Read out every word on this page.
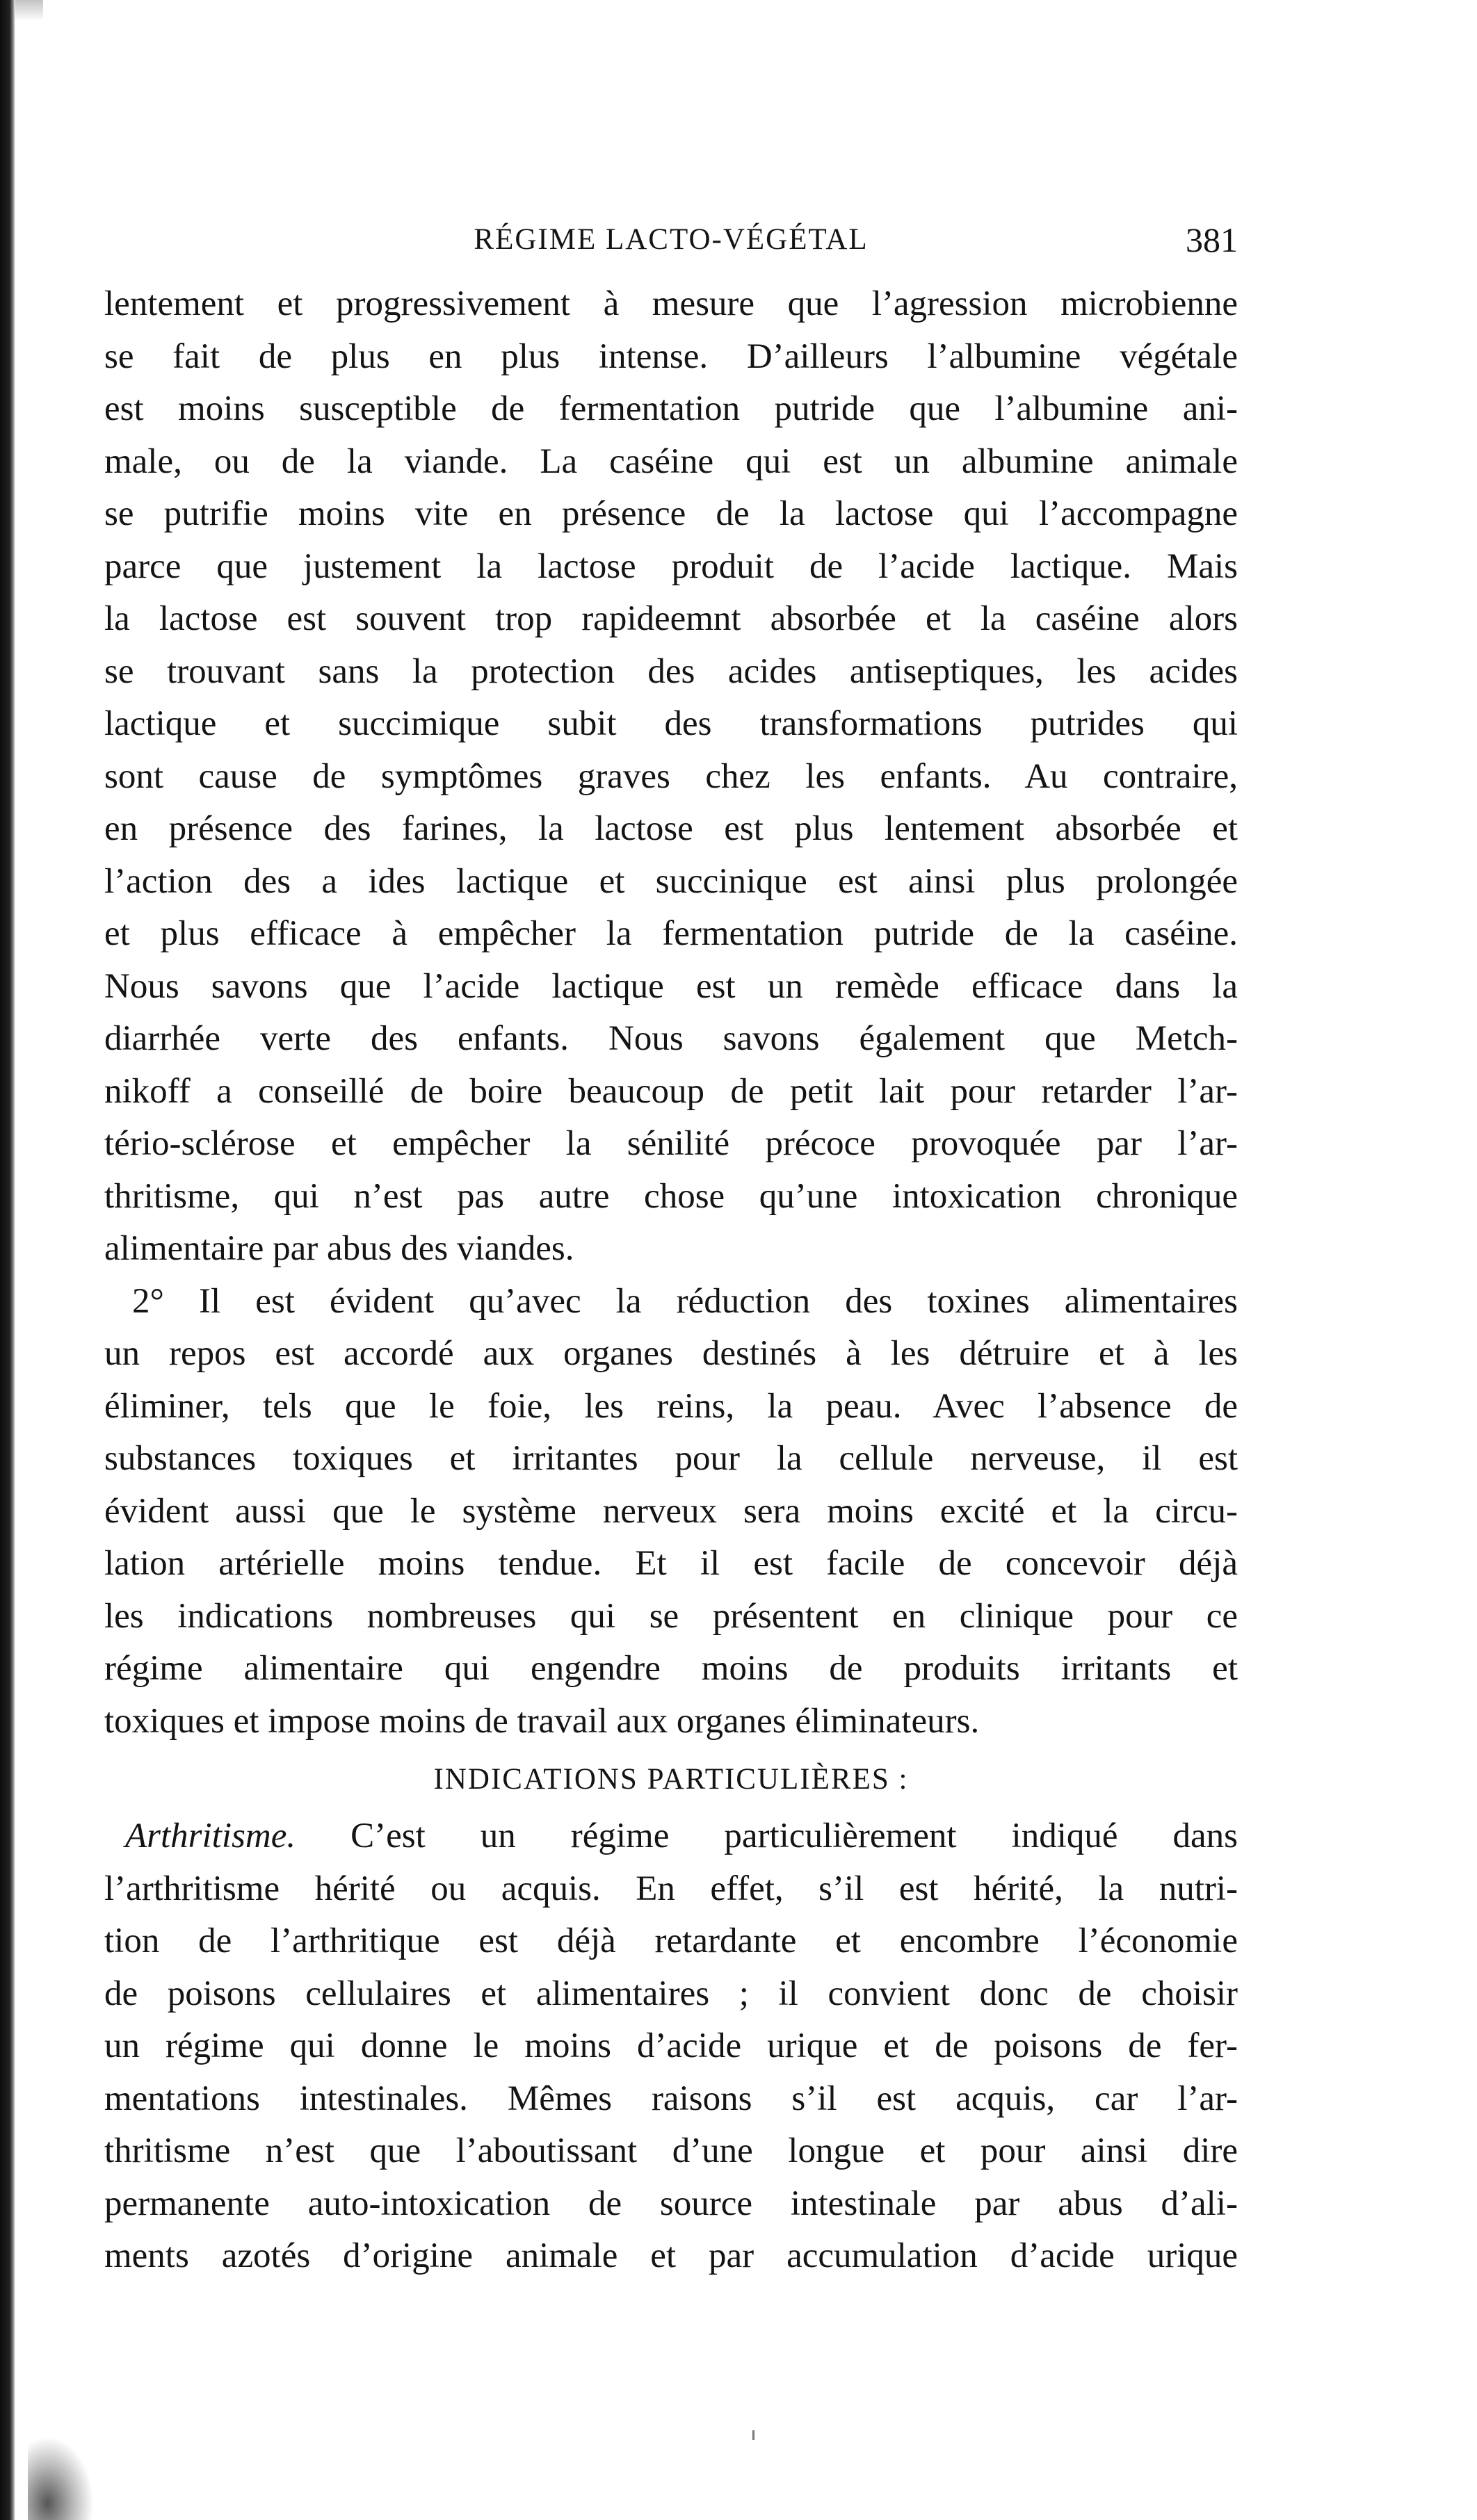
RÉGIME LACTO-VÉGÉTAL	381
lentement et progressivement à mesure que l’agression microbienne
se fait de plus en plus intense. D’ailleurs l’albumine végétale
est moins susceptible de fermentation putride que l’albumine ani-
male, ou de la viande. La caséine qui est un albumine animale
se putrifie moins vite en présence de la lactose qui l’accompagne
parce que justement la lactose produit de l’acide lactique. Mais
la lactose est souvent trop rapideemnt absorbée et la caséine alors
se trouvant sans la protection des acides antiseptiques, les acides
lactique et succimique subit des transformations putrides qui
sont cause de symptômes graves chez les enfants. Au contraire,
en présence des farines, la lactose est plus lentement absorbée et
l’action des a ides lactique et succinique est ainsi plus prolongée
et plus efficace à empêcher la fermentation putride de la caséine.
Nous savons que l’acide lactique est un remède efficace dans la
diarrhée verte des enfants. Nous savons également que Metch-
nikoff a conseillé de boire beaucoup de petit lait pour retarder l’ar-
tério-sclérose et empêcher la sénilité précoce provoquée par l’ar-
thritisme, qui n’est pas autre chose qu’une intoxication chronique
alimentaire par abus des viandes.
2° Il est évident qu’avec la réduction des toxines alimentaires
un repos est accordé aux organes destinés à les détruire et à les
éliminer, tels que le foie, les reins, la peau. Avec l’absence de
substances toxiques et irritantes pour la cellule nerveuse, il est
évident aussi que le système nerveux sera moins excité et la circu-
lation artérielle moins tendue. Et il est facile de concevoir déjà
les indications nombreuses qui se présentent en clinique pour ce
régime alimentaire qui engendre moins de produits irritants et
toxiques et impose moins de travail aux organes éliminateurs.
INDICATIONS PARTICULIÈRES :
Arthritisme. C’est un régime particulièrement indiqué dans
l’arthritisme hérité ou acquis. En effet, s’il est hérité, la nutri-
tion de l’arthritique est déjà retardante et encombre l’économie
de poisons cellulaires et alimentaires ; il convient donc de choisir
un régime qui donne le moins d’acide urique et de poisons de fer-
mentations intestinales. Mêmes raisons s’il est acquis, car l’ar-
thritisme n’est que l’aboutissant d’une longue et pour ainsi dire
permanente auto-intoxication de source intestinale par abus d’ali-
ments azotés d’origine animale et par accumulation d’acide urique
